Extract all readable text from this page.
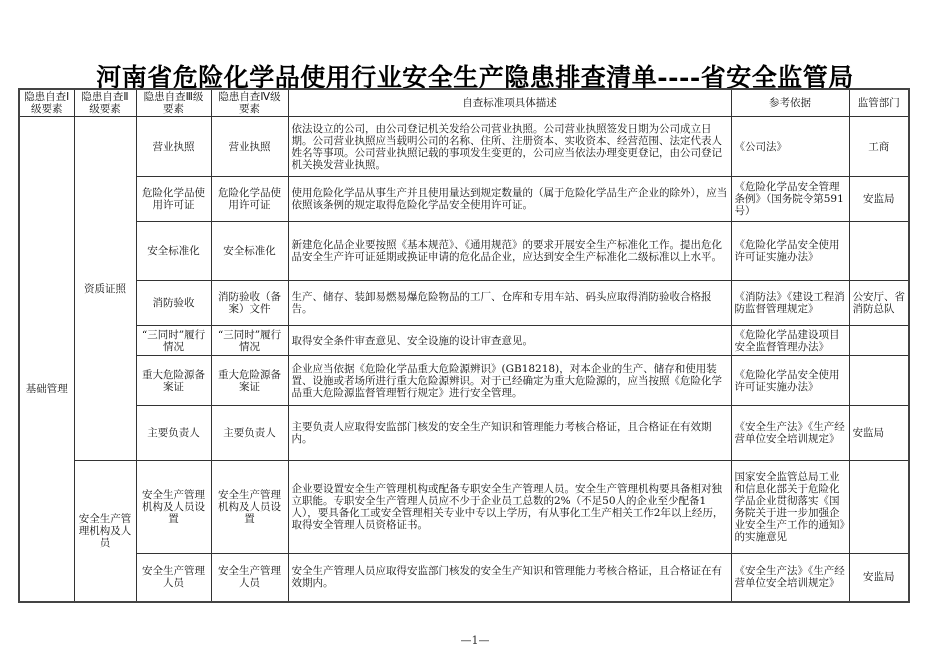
河南省危险化学品使用行业安全生产隐患排查清单----省安全监管局
隐患自查Ⅰ级要素	隐患自查Ⅱ级要素	隐患自查Ⅲ级要素	隐患自查Ⅳ级要素	自查标准项具体描述	参考依据	监管部门
基础管理	资质证照	营业执照	营业执照	依法设立的公司，由公司登记机关发给公司营业执照。公司营业执照签发日期为公司成立日期。公司营业执照应当载明公司的名称、住所、注册资本、实收资本、经营范围、法定代表人姓名等事项。公司营业执照记载的事项发生变更的，公司应当依法办理变更登记，由公司登记机关换发营业执照。	《公司法》	工商
		危险化学品使用许可证	危险化学品使用许可证	使用危险化学品从事生产并且使用量达到规定数量的（属于危险化学品生产企业的除外），应当依照该条例的规定取得危险化学品安全使用许可证。	《危险化学品安全管理条例》（国务院令第591号）	安监局
		安全标准化	安全标准化	新建危化品企业要按照《基本规范》、《通用规范》的要求开展安全生产标准化工作。提出危化品安全生产许可证延期或换证申请的危化品企业，应达到安全生产标准化二级标准以上水平。	《危险化学品安全使用许可证实施办法》	
		消防验收	消防验收（备案）文件	生产、储存、装卸易燃易爆危险物品的工厂、仓库和专用车站、码头应取得消防验收合格报告。	《消防法》《建设工程消防监督管理规定》	公安厅、省消防总队
		“三同时”履行情况	“三同时”履行情况	取得安全条件审查意见、安全设施的设计审查意见。	《危险化学品建设项目安全监督管理办法》	
		重大危险源备案证	重大危险源备案证	企业应当依据《危险化学品重大危险源辨识》(GB18218)，对本企业的生产、储存和使用装置、设施或者场所进行重大危险源辨识。对于已经确定为重大危险源的，应当按照《危险化学品重大危险源监督管理暂行规定》进行安全管理。	《危险化学品安全使用许可证实施办法》	
		主要负责人	主要负责人	主要负责人应取得安监部门核发的安全生产知识和管理能力考核合格证，且合格证在有效期内。	《安全生产法》《生产经营单位安全培训规定》	安监局
	安全生产管理机构及人员	安全生产管理机构及人员设置	安全生产管理机构及人员设置	企业要设置安全生产管理机构或配备专职安全生产管理人员。安全生产管理机构要具备相对独立职能。专职安全生产管理人员应不少于企业员工总数的2%（不足50人的企业至少配备1人），要具备化工或安全管理相关专业中专以上学历，有从事化工生产相关工作2年以上经历，取得安全管理人员资格证书。	国家安全监管总局工业和信息化部关于危险化学品企业贯彻落实《国务院关于进一步加强企业安全生产工作的通知》的实施意见	
		安全生产管理人员	安全生产管理人员	安全生产管理人员应取得安监部门核发的安全生产知识和管理能力考核合格证，且合格证在有效期内。	《安全生产法》《生产经营单位安全培训规定》	安监局
—1—
